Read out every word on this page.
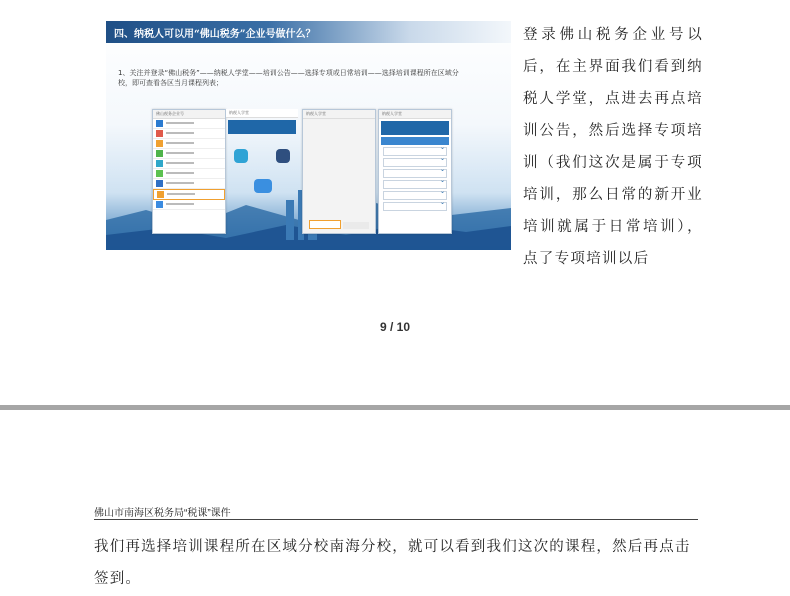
四、纳税人可以用“佛山税务”企业号做什么？
1、关注并登录“佛山税务”——纳税人学堂——培训公告——选择专项或日常培训——选择培训课程所在区域分校，即可查看各区当月课程列表；
佛山税务企业号	纳税人学堂	纳税人学堂	纳税人学堂
⌄
⌄
⌄
⌄
⌄
⌄
登录佛山税务企业号以后，在主界面我们看到纳税人学堂，点进去再点培训公告，然后选择专项培训（我们这次是属于专项培训，那么日常的新开业培训就属于日常培训），点了专项培训以后
9 / 10
佛山市南海区税务局“税课”课件
我们再选择培训课程所在区域分校南海分校，就可以看到我们这次的课程，然后再点击签到。
